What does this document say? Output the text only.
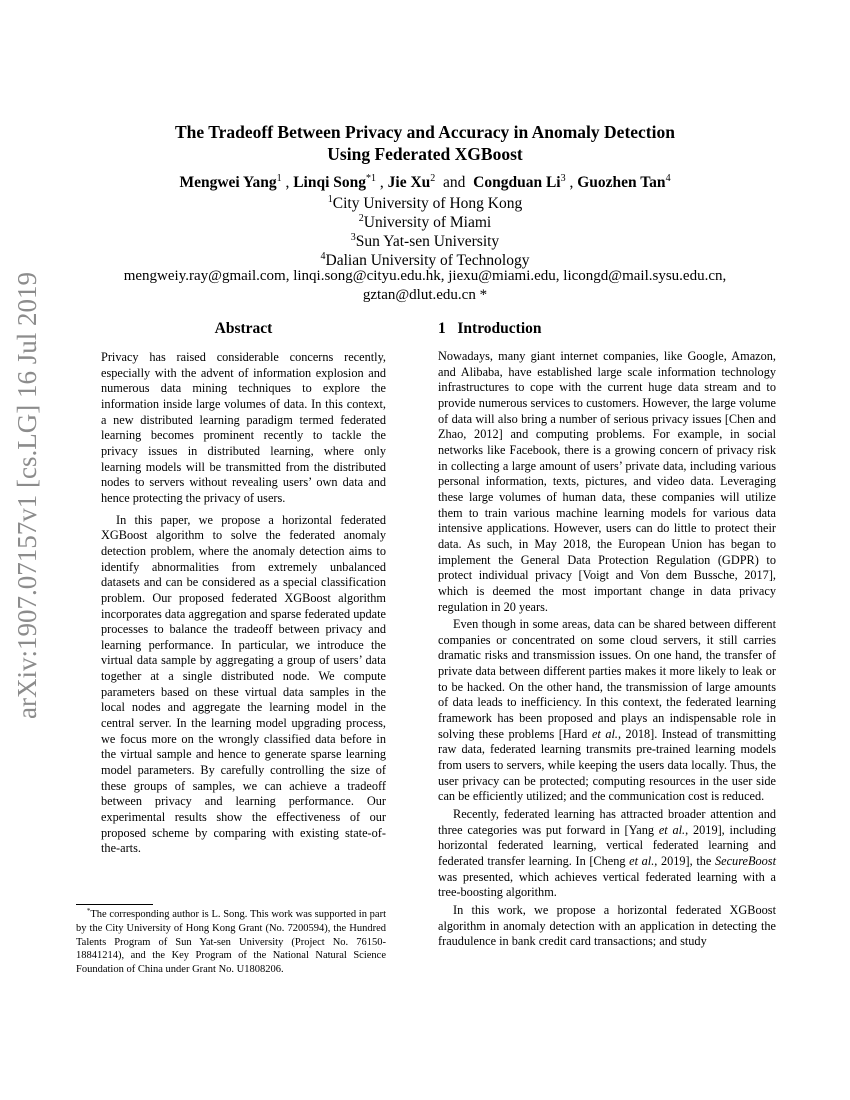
arXiv:1907.07157v1 [cs.LG] 16 Jul 2019
The Tradeoff Between Privacy and Accuracy in Anomaly Detection
Using Federated XGBoost
Mengwei Yang$^1$ , Linqi Song$^{*1}$ , Jie Xu$^2$ and Congduan Li$^3$ , Guozhen Tan$^4$
$^1$City University of Hong Kong
$^2$University of Miami
$^3$Sun Yat-sen University
$^4$Dalian University of Technology
mengweiy.ray@gmail.com, linqi.song@cityu.edu.hk, jiexu@miami.edu, licongd@mail.sysu.edu.cn,
gztan@dlut.edu.cn *
Abstract

Privacy has raised considerable concerns recently, especially with the advent of information explosion and numerous data mining techniques to explore the information inside large volumes of data. In this context, a new distributed learning paradigm termed federated learning becomes prominent recently to tackle the privacy issues in distributed learning, where only learning models will be transmitted from the distributed nodes to servers without revealing users’ own data and hence protecting the privacy of users.

In this paper, we propose a horizontal federated XGBoost algorithm to solve the federated anomaly detection problem, where the anomaly detection aims to identify abnormalities from extremely unbalanced datasets and can be considered as a special classification problem. Our proposed federated XGBoost algorithm incorporates data aggregation and sparse federated update processes to balance the tradeoff between privacy and learning performance. In particular, we introduce the virtual data sample by aggregating a group of users’ data together at a single distributed node. We compute parameters based on these virtual data samples in the local nodes and aggregate the learning model in the central server. In the learning model upgrading process, we focus more on the wrongly classified data before in the virtual sample and hence to generate sparse learning model parameters. By carefully controlling the size of these groups of samples, we can achieve a tradeoff between privacy and learning performance. Our experimental results show the effectiveness of our proposed scheme by comparing with existing state-of-the-arts.

*The corresponding author is L. Song. This work was supported in part by the City University of Hong Kong Grant (No. 7200594), the Hundred Talents Program of Sun Yat-sen University (Project No. 76150-18841214), and the Key Program of the National Natural Science Foundation of China under Grant No. U1808206.
1 Introduction

Nowadays, many giant internet companies, like Google, Amazon, and Alibaba, have established large scale information technology infrastructures to cope with the current huge data stream and to provide numerous services to customers. However, the large volume of data will also bring a number of serious privacy issues [Chen and Zhao, 2012] and computing problems. For example, in social networks like Facebook, there is a growing concern of privacy risk in collecting a large amount of users’ private data, including various personal information, texts, pictures, and video data. Leveraging these large volumes of human data, these companies will utilize them to train various machine learning models for various data intensive applications. However, users can do little to protect their data. As such, in May 2018, the European Union has began to implement the General Data Protection Regulation (GDPR) to protect individual privacy [Voigt and Von dem Bussche, 2017], which is deemed the most important change in data privacy regulation in 20 years.

Even though in some areas, data can be shared between different companies or concentrated on some cloud servers, it still carries dramatic risks and transmission issues. On one hand, the transfer of private data between different parties makes it more likely to leak or to be hacked. On the other hand, the transmission of large amounts of data leads to inefficiency. In this context, the federated learning framework has been proposed and plays an indispensable role in solving these problems [Hard et al., 2018]. Instead of transmitting raw data, federated learning transmits pre-trained learning models from users to servers, while keeping the users data locally. Thus, the user privacy can be protected; computing resources in the user side can be efficiently utilized; and the communication cost is reduced.

Recently, federated learning has attracted broader attention and three categories was put forward in [Yang et al., 2019], including horizontal federated learning, vertical federated learning and federated transfer learning. In [Cheng et al., 2019], the SecureBoost was presented, which achieves vertical federated learning with a tree-boosting algorithm.

In this work, we propose a horizontal federated XGBoost algorithm in anomaly detection with an application in detecting the fraudulence in bank credit card transactions; and study
